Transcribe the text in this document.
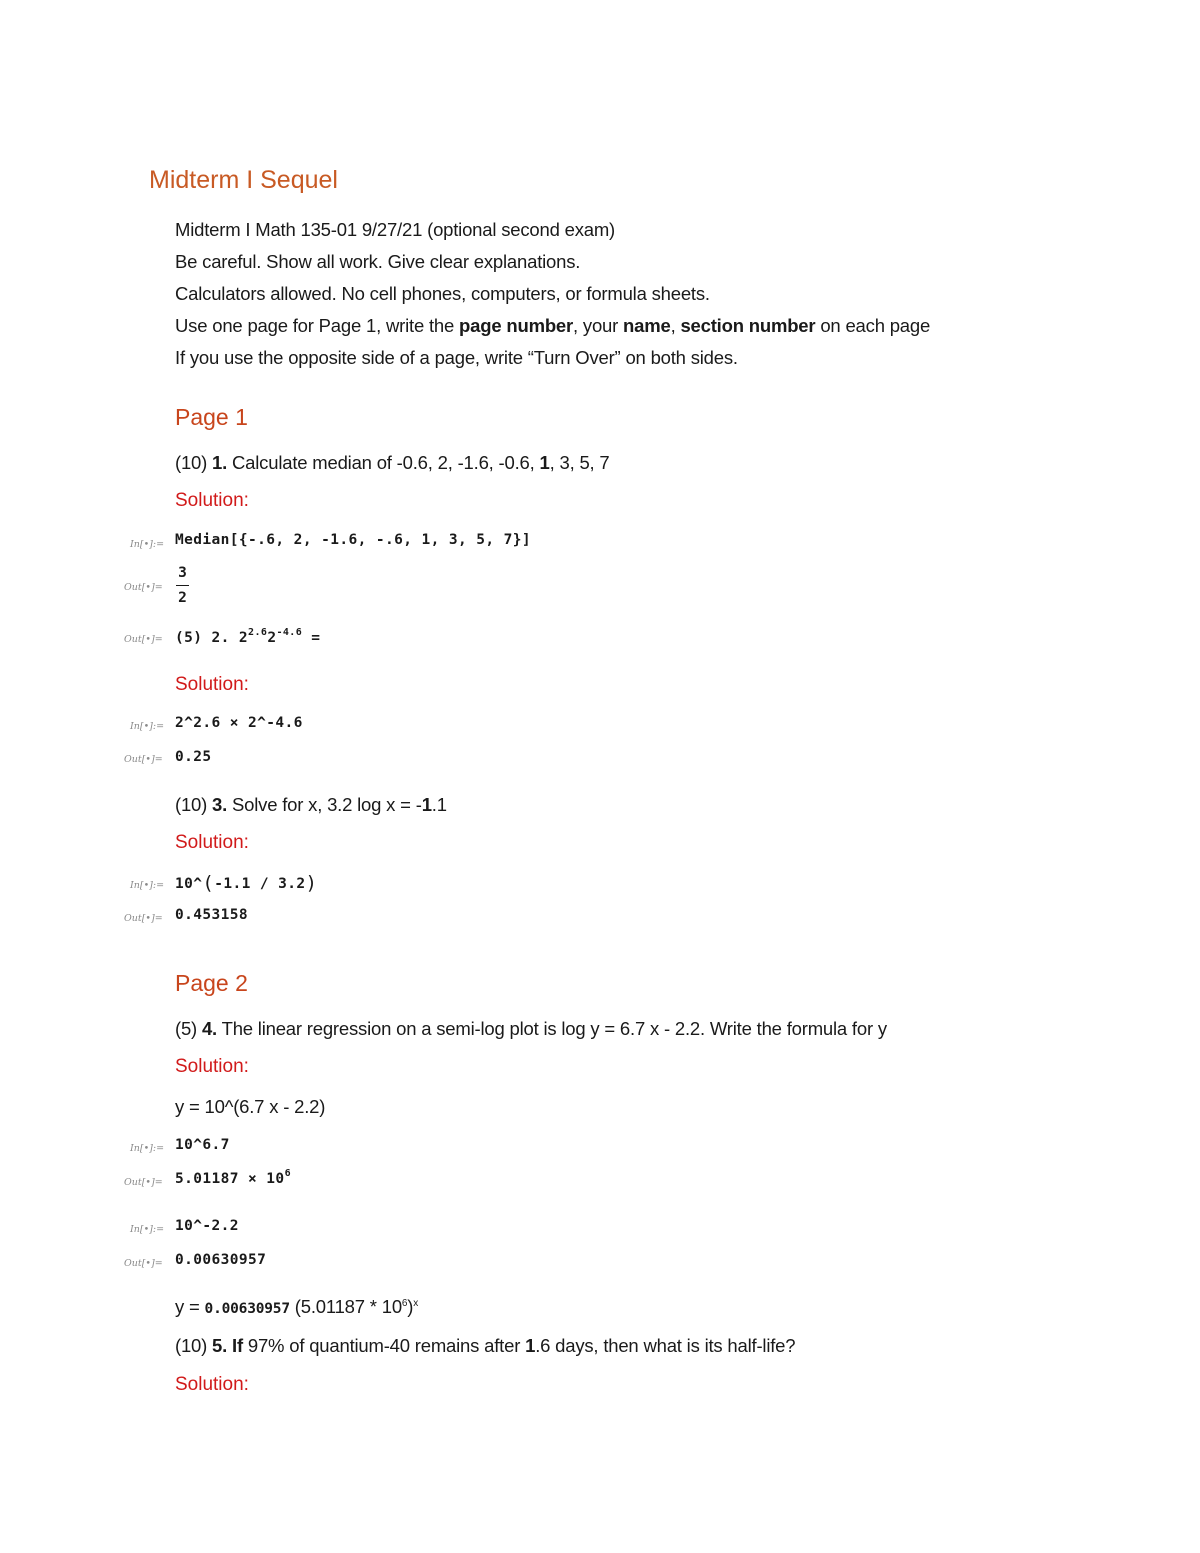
Midterm I Sequel
Midterm I Math 135-01 9/27/21 (optional second exam)
Be careful. Show all work. Give clear explanations.
Calculators allowed. No cell phones, computers, or formula sheets.
Use one page for Page 1, write the page number, your name, section number on each page
If you use the opposite side of a page, write “Turn Over” on both sides.
Page 1
(10) 1. Calculate median of -0.6, 2, -1.6, -0.6, 1, 3, 5, 7
Solution:
In[•]:= Median[{-.6, 2, -1.6, -.6, 1, 3, 5, 7}]
Out[•]=
3
2
Out[•]= (5) 2. $2^{2.6}2^{-4.6}$ =
Solution:
In[•]:= 2^2.6 × 2^-4.6
Out[•]= 0.25
(10) 3. Solve for x, 3.2 log x = -1.1
Solution:
In[•]:= 10^(-1.1 / 3.2)
Out[•]= 0.453158
Page 2
(5) 4. The linear regression on a semi-log plot is log y = 6.7 x - 2.2. Write the formula for y
Solution:
y = 10^(6.7 x - 2.2)
In[•]:= 10^6.7
Out[•]= $5.01187 \times 10^6$
In[•]:= 10^-2.2
Out[•]= 0.00630957
y = 0.00630957 $(5.01187 * 10^6)^x$
(10) 5. If 97% of quantium-40 remains after 1.6 days, then what is its half-life?
Solution:
